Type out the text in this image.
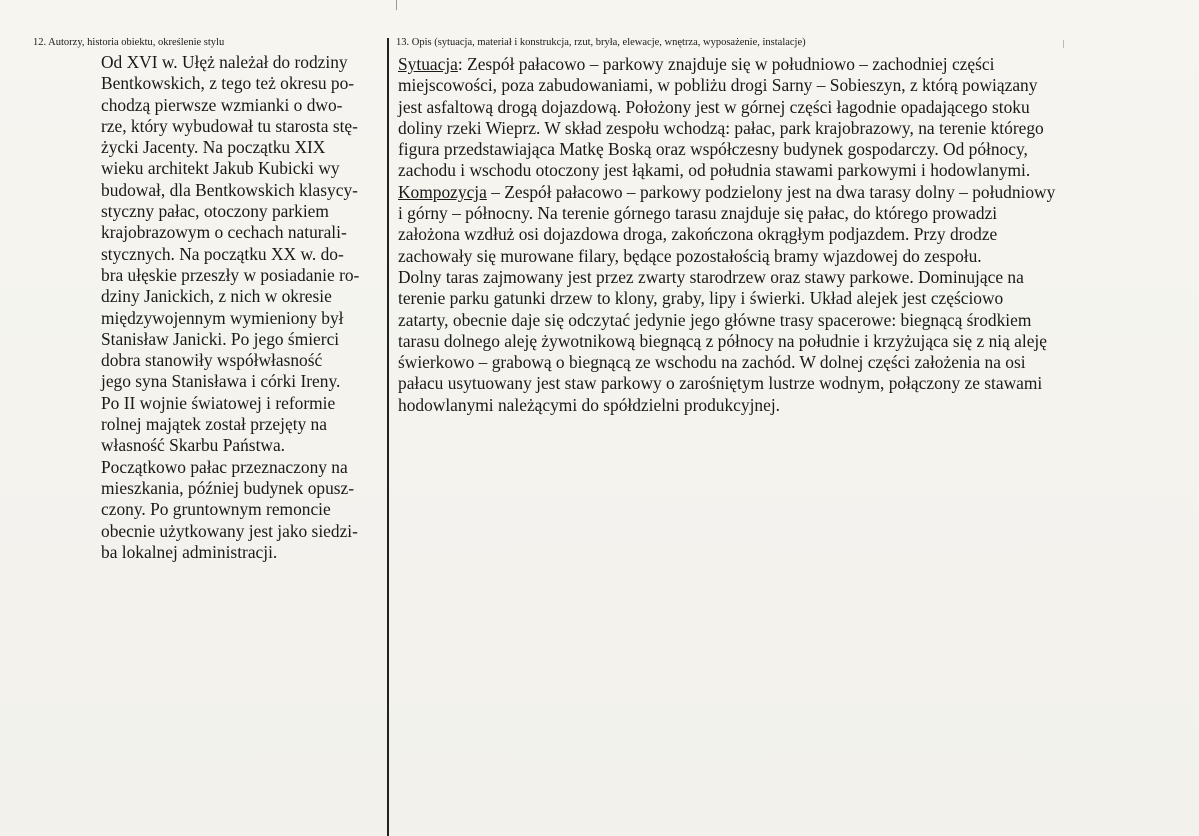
12. Autorzy, historia obiektu, określenie stylu

Od XVI w. Ułęż należał do rodziny
Bentkowskich, z tego też okresu po-
chodzą pierwsze wzmianki o dwo-
rze, który wybudował tu starosta stę-
życki Jacenty. Na początku XIX
wieku architekt Jakub Kubicki wy
budował, dla Bentkowskich klasycy-
styczny pałac, otoczony parkiem
krajobrazowym o cechach naturali-
stycznych. Na początku XX w. do-
bra ułęskie przeszły w posiadanie ro-
dziny Janickich, z nich w okresie
międzywojennym wymieniony był
Stanisław Janicki. Po jego śmierci
dobra stanowiły współwłasność
jego syna Stanisława i córki Ireny.
Po II wojnie światowej i reformie
rolnej majątek został przejęty na
własność Skarbu Państwa.
Początkowo pałac przeznaczony na
mieszkania, później budynek opusz-
czony. Po gruntownym remoncie
obecnie użytkowany jest jako siedzi-
ba lokalnej administracji.

13. Opis (sytuacja, materiał i konstrukcja, rzut, bryła, elewacje, wnętrza, wyposażenie, instalacje)

Sytuacja: Zespół pałacowo – parkowy znajduje się w południowo – zachodniej części
miejscowości, poza zabudowaniami, w pobliżu drogi Sarny – Sobieszyn, z którą powiązany
jest asfaltową drogą dojazdową. Położony jest w górnej części łagodnie opadającego stoku
doliny rzeki Wieprz. W skład zespołu wchodzą: pałac, park krajobrazowy, na terenie którego
figura przedstawiająca Matkę Boską oraz współczesny budynek gospodarczy. Od północy,
zachodu i wschodu otoczony jest łąkami, od południa stawami parkowymi i hodowlanymi.
Kompozycja – Zespół pałacowo – parkowy podzielony jest na dwa tarasy dolny – południowy
i górny – północny. Na terenie górnego tarasu znajduje się pałac, do którego prowadzi
założona wzdłuż osi dojazdowa droga, zakończona okrągłym podjazdem. Przy drodze
zachowały się murowane filary, będące pozostałością bramy wjazdowej do zespołu.
Dolny taras zajmowany jest przez zwarty starodrzew oraz stawy parkowe. Dominujące na
terenie parku gatunki drzew to klony, graby, lipy i świerki. Układ alejek jest częściowo
zatarty, obecnie daje się odczytać jedynie jego główne trasy spacerowe: biegnącą środkiem
tarasu dolnego aleję żywotnikową biegnącą z północy na południe i krzyżująca się z nią aleję
świerkowo – grabową o biegnącą ze wschodu na zachód. W dolnej części założenia na osi
pałacu usytuowany jest staw parkowy o zarośniętym lustrze wodnym, połączony ze stawami
hodowlanymi należącymi do spółdzielni produkcyjnej.
